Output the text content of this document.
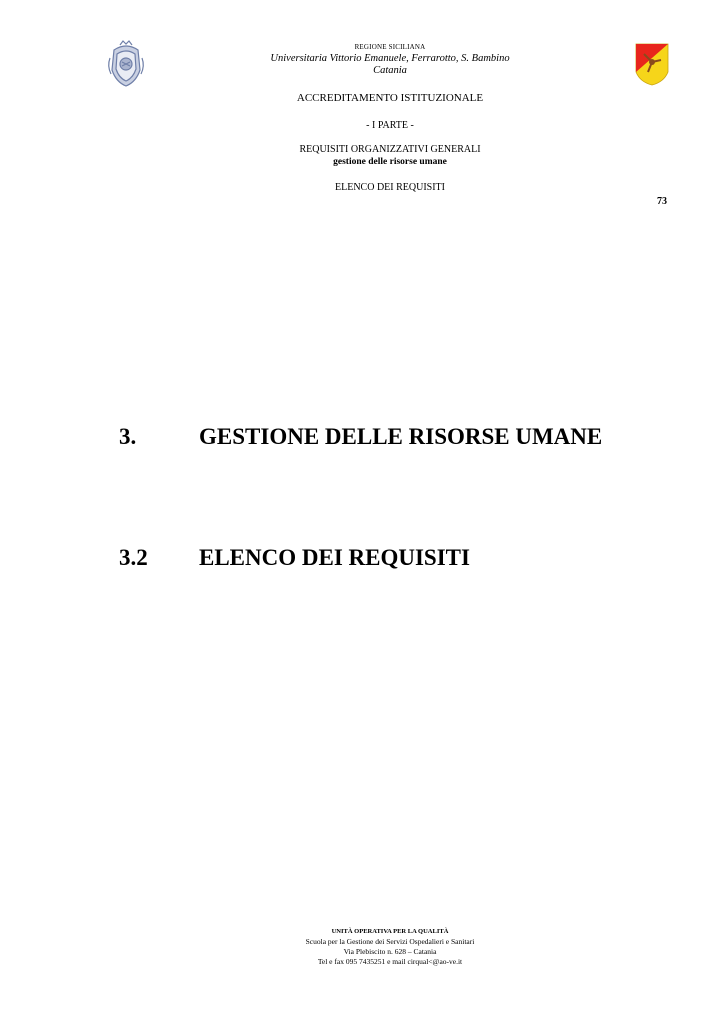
REGIONE SICILIANA
Universitaria Vittorio Emanuele, Ferrarotto, S. Bambino
Catania
ACCREDITAMENTO ISTITUZIONALE
- I PARTE -
REQUISITI ORGANIZZATIVI GENERALI
gestione delle risorse umane
ELENCO DEI REQUISITI
73
3.	GESTIONE DELLE RISORSE UMANE
3.2 ELENCO DEI REQUISITI
UNITÀ OPERATIVA PER LA QUALITÀ
Scuola per la Gestione dei Servizi Ospedalieri e Sanitari
Via Plebiscito n. 628 – Catania
Tel e fax 095 7435251 e mail cirqual<@ao-ve.it
